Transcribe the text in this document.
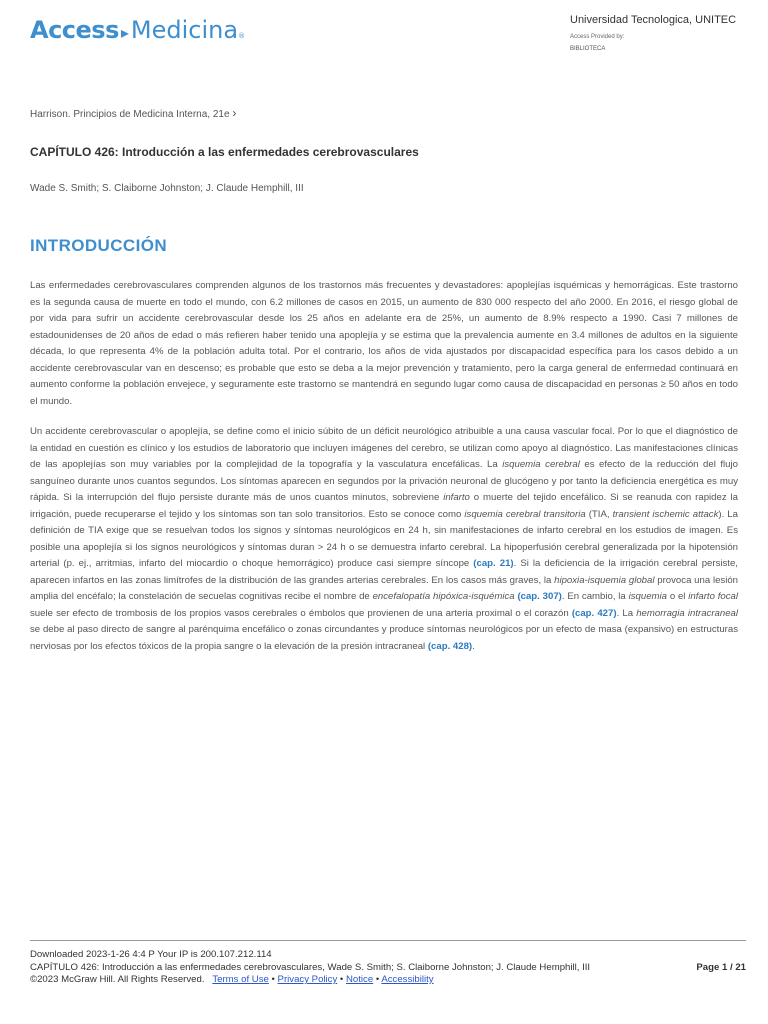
Access ▸ Medicina ®
Universidad Tecnologica, UNITEC
Access Provided by:
BIBLIOTECA
Harrison. Principios de Medicina Interna, 21e ›
CAPÍTULO 426: Introducción a las enfermedades cerebrovasculares
Wade S. Smith; S. Claiborne Johnston; J. Claude Hemphill, III
INTRODUCCIÓN

Las enfermedades cerebrovasculares comprenden algunos de los trastornos más frecuentes y devastadores: apoplejías isquémicas y hemorrágicas. Este trastorno es la segunda causa de muerte en todo el mundo, con 6.2 millones de casos en 2015, un aumento de 830 000 respecto del año 2000. En 2016, el riesgo global de por vida para sufrir un accidente cerebrovascular desde los 25 años en adelante era de 25%, un aumento de 8.9% respecto a 1990. Casi 7 millones de estadounidenses de 20 años de edad o más refieren haber tenido una apoplejía y se estima que la prevalencia aumente en 3.4 millones de adultos en la siguiente década, lo que representa 4% de la población adulta total. Por el contrario, los años de vida ajustados por discapacidad específica para los casos debido a un accidente cerebrovascular van en descenso; es probable que esto se deba a la mejor prevención y tratamiento, pero la carga general de enfermedad continuará en aumento conforme la población envejece, y seguramente este trastorno se mantendrá en segundo lugar como causa de discapacidad en personas ≥ 50 años en todo el mundo.

Un accidente cerebrovascular o apoplejía, se define como el inicio súbito de un déficit neurológico atribuible a una causa vascular focal. Por lo que el diagnóstico de la entidad en cuestión es clínico y los estudios de laboratorio que incluyen imágenes del cerebro, se utilizan como apoyo al diagnóstico. Las manifestaciones clínicas de las apoplejías son muy variables por la complejidad de la topografía y la vasculatura encefálicas. La isquemia cerebral es efecto de la reducción del flujo sanguíneo durante unos cuantos segundos. Los síntomas aparecen en segundos por la privación neuronal de glucógeno y por tanto la deficiencia energética es muy rápida. Si la interrupción del flujo persiste durante más de unos cuantos minutos, sobreviene infarto o muerte del tejido encefálico. Si se reanuda con rapidez la irrigación, puede recuperarse el tejido y los síntomas son tan solo transitorios. Esto se conoce como isquemia cerebral transitoria (TIA, transient ischemic attack). La definición de TIA exige que se resuelvan todos los signos y síntomas neurológicos en 24 h, sin manifestaciones de infarto cerebral en los estudios de imagen. Es posible una apoplejía si los signos neurológicos y síntomas duran > 24 h o se demuestra infarto cerebral. La hipoperfusión cerebral generalizada por la hipotensión arterial (p. ej., arritmias, infarto del miocardio o choque hemorrágico) produce casi siempre síncope (cap. 21). Si la deficiencia de la irrigación cerebral persiste, aparecen infartos en las zonas limítrofes de la distribución de las grandes arterias cerebrales. En los casos más graves, la hipoxia-isquemia global provoca una lesión amplia del encéfalo; la constelación de secuelas cognitivas recibe el nombre de encefalopatía hipóxica-isquémica (cap. 307). En cambio, la isquemia o el infarto focal suele ser efecto de trombosis de los propios vasos cerebrales o émbolos que provienen de una arteria proximal o el corazón (cap. 427). La hemorragia intracraneal se debe al paso directo de sangre al parénquima encefálico o zonas circundantes y produce síntomas neurológicos por un efecto de masa (expansivo) en estructuras nerviosas por los efectos tóxicos de la propia sangre o la elevación de la presión intracraneal (cap. 428).

Downloaded 2023-1-26 4:4 P Your IP is 200.107.212.114
CAPÍTULO 426: Introducción a las enfermedades cerebrovasculares, Wade S. Smith; S. Claiborne Johnston; J. Claude Hemphill, III	Page 1 / 21
©2023 McGraw Hill. All Rights Reserved. Terms of Use • Privacy Policy • Notice • Accessibility
